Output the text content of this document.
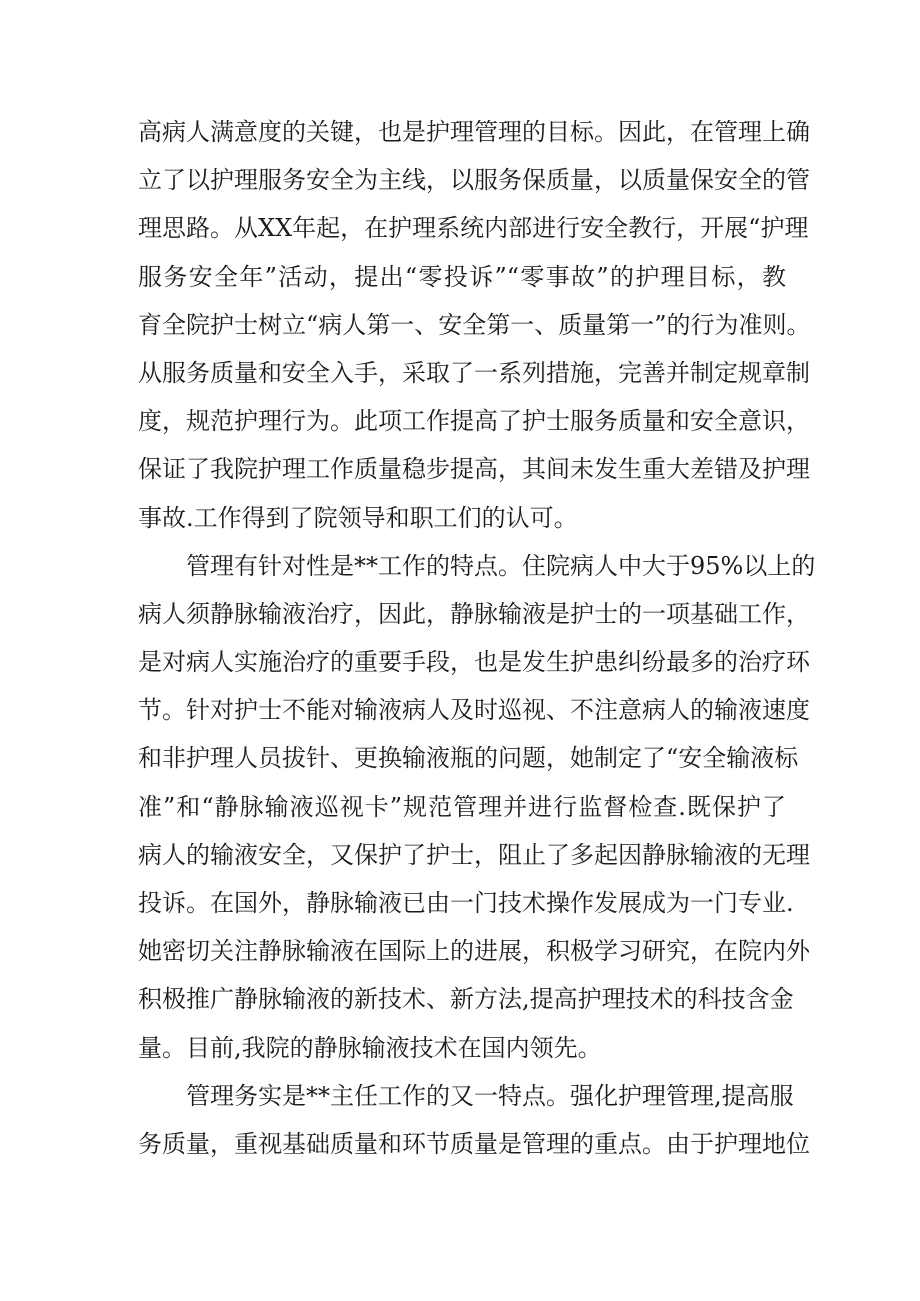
高病人满意度的关键，也是护理管理的目标。因此，在管理上确
立了以护理服务安全为主线，以服务保质量，以质量保安全的管
理思路。从XX年起，在护理系统内部进行安全教行，开展“护理
服务安全年”活动，提出“零投诉”“零事故”的护理目标，教
育全院护士树立“病人第一、安全第一、质量第一”的行为准则。
从服务质量和安全入手，采取了一系列措施，完善并制定规章制
度，规范护理行为。此项工作提高了护士服务质量和安全意识，
保证了我院护理工作质量稳步提高，其间未发生重大差错及护理
事故.工作得到了院领导和职工们的认可。
管理有针对性是**工作的特点。住院病人中大于95%以上的
病人须静脉输液治疗，因此，静脉输液是护士的一项基础工作，
是对病人实施治疗的重要手段，也是发生护患纠纷最多的治疗环
节。针对护士不能对输液病人及时巡视、不注意病人的输液速度
和非护理人员拔针、更换输液瓶的问题，她制定了“安全输液标
准”和“静脉输液巡视卡”规范管理并进行监督检查.既保护了
病人的输液安全，又保护了护士，阻止了多起因静脉输液的无理
投诉。在国外，静脉输液已由一门技术操作发展成为一门专业.
她密切关注静脉输液在国际上的进展，积极学习研究，在院内外
积极推广静脉输液的新技术、新方法,提高护理技术的科技含金
量。目前,我院的静脉输液技术在国内领先。
管理务实是**主任工作的又一特点。强化护理管理,提高服
务质量，重视基础质量和环节质量是管理的重点。由于护理地位
